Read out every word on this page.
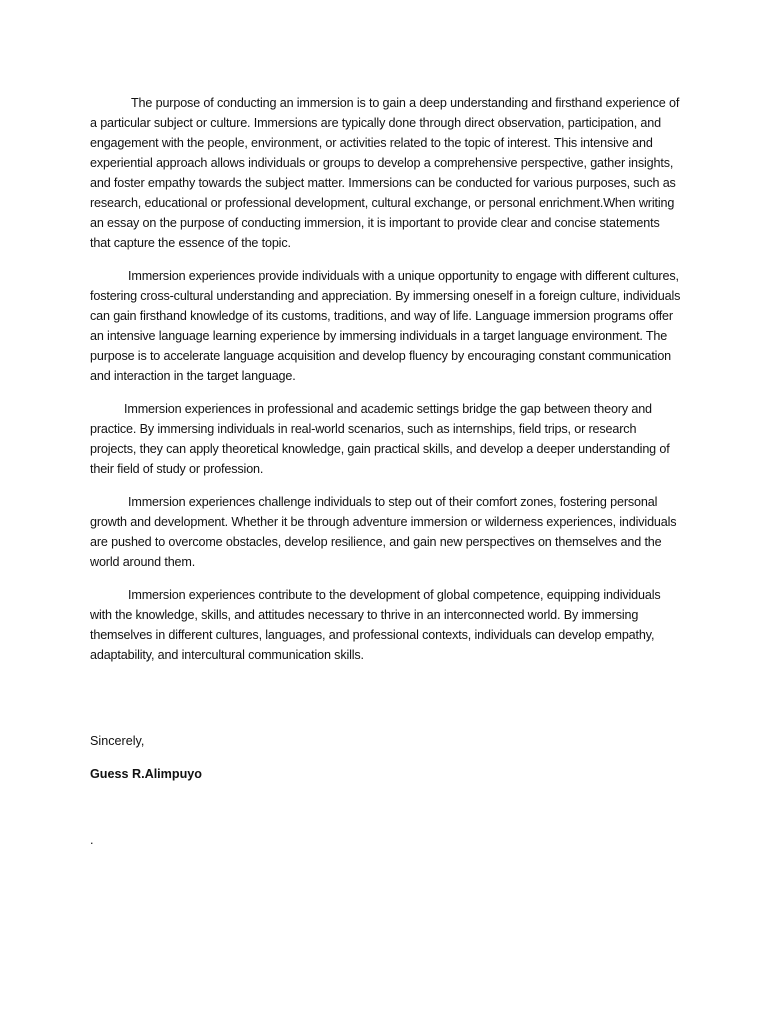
The purpose of conducting an immersion is to gain a deep understanding and firsthand experience of a particular subject or culture. Immersions are typically done through direct observation, participation, and engagement with the people, environment, or activities related to the topic of interest. This intensive and experiential approach allows individuals or groups to develop a comprehensive perspective, gather insights, and foster empathy towards the subject matter. Immersions can be conducted for various purposes, such as research, educational or professional development, cultural exchange, or personal enrichment.When writing an essay on the purpose of conducting immersion, it is important to provide clear and concise statements that capture the essence of the topic.

Immersion experiences provide individuals with a unique opportunity to engage with different cultures, fostering cross-cultural understanding and appreciation. By immersing oneself in a foreign culture, individuals can gain firsthand knowledge of its customs, traditions, and way of life. Language immersion programs offer an intensive language learning experience by immersing individuals in a target language environment. The purpose is to accelerate language acquisition and develop fluency by encouraging constant communication and interaction in the target language.

Immersion experiences in professional and academic settings bridge the gap between theory and practice. By immersing individuals in real-world scenarios, such as internships, field trips, or research projects, they can apply theoretical knowledge, gain practical skills, and develop a deeper understanding of their field of study or profession.

Immersion experiences challenge individuals to step out of their comfort zones, fostering personal growth and development. Whether it be through adventure immersion or wilderness experiences, individuals are pushed to overcome obstacles, develop resilience, and gain new perspectives on themselves and the world around them.

Immersion experiences contribute to the development of global competence, equipping individuals with the knowledge, skills, and attitudes necessary to thrive in an interconnected world. By immersing themselves in different cultures, languages, and professional contexts, individuals can develop empathy, adaptability, and intercultural communication skills.

Sincerely,
Guess R.Alimpuyo
.
